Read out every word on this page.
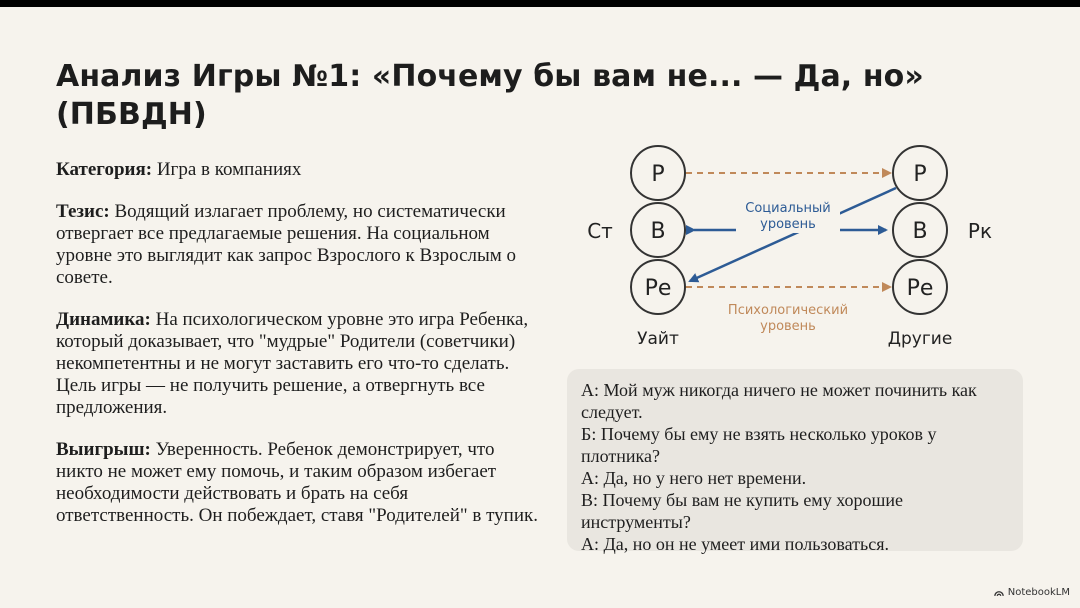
Анализ Игры №1: «Почему бы вам не... — Да, но» (ПБВДН)

Категория: Игра в компаниях

Тезис: Водящий излагает проблему, но систематически отвергает все предлагаемые решения. На социальном уровне это выглядит как запрос Взрослого к Взрослым о совете.

Динамика: На психологическом уровне это игра Ребенка, который доказывает, что "мудрые" Родители (советчики) некомпетентны и не могут заставить его что-то сделать. Цель игры — не получить решение, а отвергнуть все предложения.

Выигрыш: Уверенность. Ребенок демонстрирует, что никто не может ему помочь, и таким образом избегает необходимости действовать и брать на себя ответственность. Он побеждает, ставя "Родителей" в тупик.

Р
В
Ре
Р
В
Ре
Ст	Рк
Уайт	Другие
Социальный
уровень
Психологический
уровень
А: Мой муж никогда ничего не может починить как следует.
Б: Почему бы ему не взять несколько уроков у плотника?
А: Да, но у него нет времени.
В: Почему бы вам не купить ему хорошие инструменты?
А: Да, но он не умеет ими пользоваться.
NotebookLM
